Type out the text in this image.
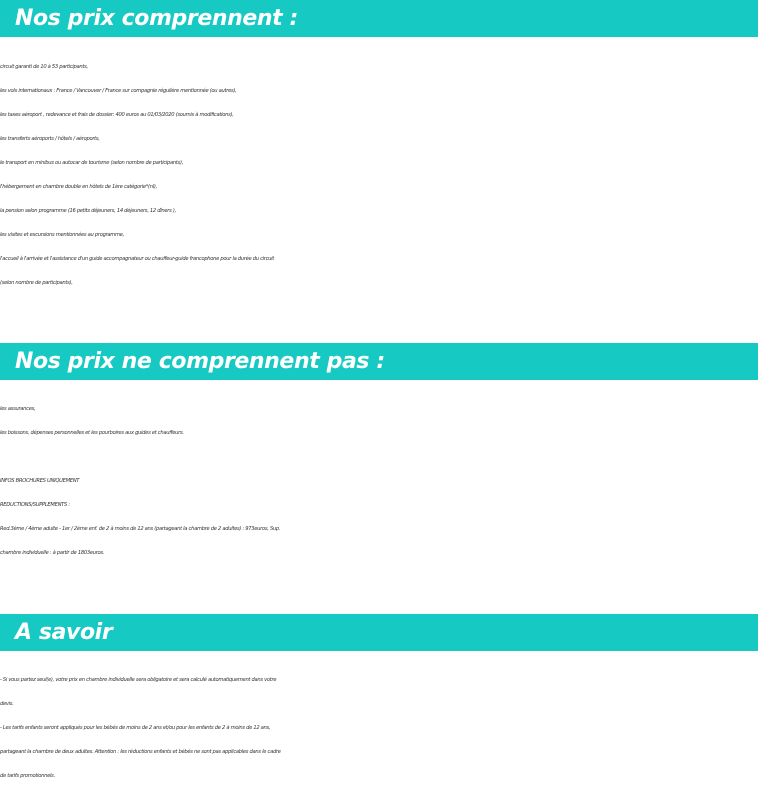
Nos prix comprennent :
circuit garanti de 10 à 53 participants,
les vols internationaux : France / Vancouver / France sur compagnie régulière mentionnée (ou autres),
les taxes aéroport , redevance et frais de dossier: 400 euros au 01/03/2020 (soumis à modifications),
les transferts aéroports / hôtels / aéroports,
le transport en minibus ou autocar de tourisme (selon nombre de participants),
l'hébergement en chambre double en hôtels de 1ère catégorie*(nl),
la pension selon programme (16 petits déjeuners, 14 déjeuners, 12 dîners ),
les visites et excursions mentionnées au programme,
l'accueil à l'arrivée et l'assistance d'un guide accompagnateur ou chauffeur-guide francophone pour la durée du circuit
(selon nombre de participants),
Nos prix ne comprennent pas :
les assurances,
les boissons, dépenses personnelles et les pourboires aux guides et chauffeurs.
INFOS BROCHURES UNIQUEMENT
REDUCTIONS/SUPPLEMENTS :
Red.3ème / 4ème adulte - 1er / 2ème enf. de 2 à moins de 12 ans (partageant la chambre de 2 adultes) : 973euros, Sup.
chambre individuelle : à partir de 1803euros.
A savoir
- Si vous partez seul(e), votre prix en chambre individuelle sera obligatoire et sera calculé automatiquement dans votre
devis.
- Les tarifs enfants seront appliqués pour les bébés de moins de 2 ans et/ou pour les enfants de 2 à moins de 12 ans,
partageant la chambre de deux adultes. Attention : les réductions enfants et bébés ne sont pas applicables dans le cadre
de tarifs promotionnels.
